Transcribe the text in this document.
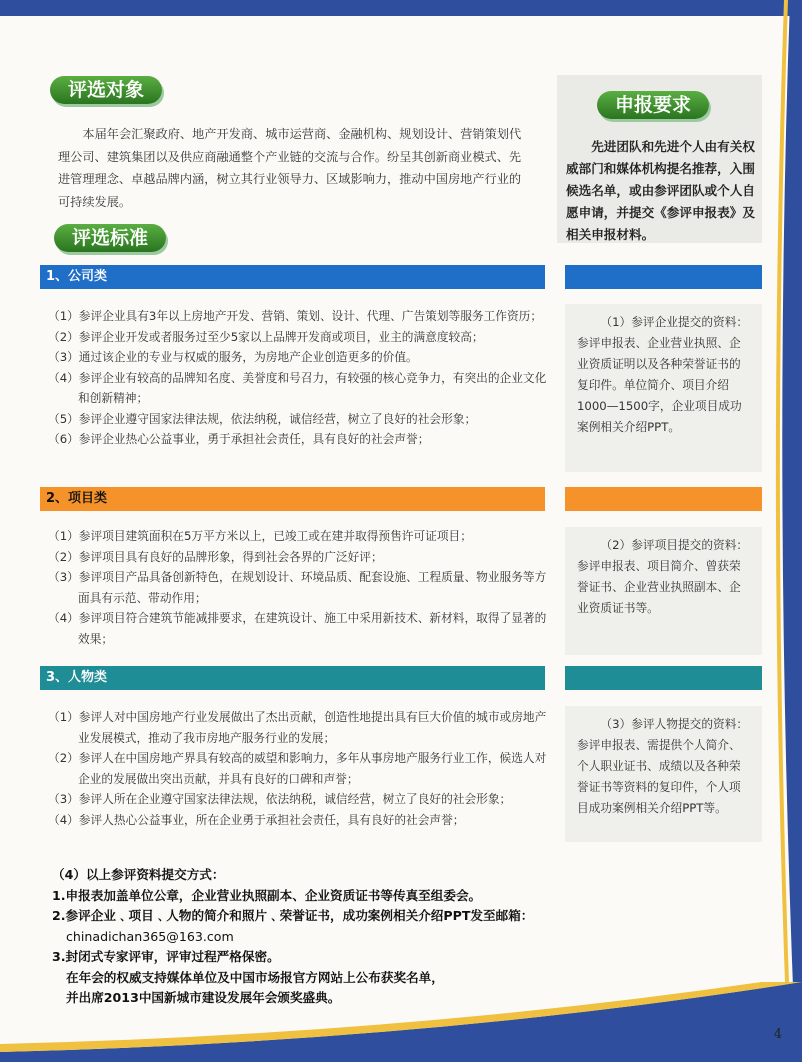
评选对象
本届年会汇聚政府、地产开发商、城市运营商、金融机构、规划设计、营销策划代理公司、建筑集团以及供应商融通整个产业链的交流与合作。纷呈其创新商业模式、先进管理理念、卓越品牌内涵，树立其行业领导力、区域影响力，推动中国房地产行业的可持续发展。
申报要求
先进团队和先进个人由有关权威部门和媒体机构提名推荐，入围候选名单，或由参评团队或个人自愿申请，并提交《参评申报表》及相关申报材料。
评选标准
1、公司类
（1）参评企业具有3年以上房地产开发、营销、策划、设计、代理、广告策划等服务工作资历；
（2）参评企业开发或者服务过至少5家以上品牌开发商或项目，业主的满意度较高；
（3）通过该企业的专业与权威的服务，为房地产企业创造更多的价值。
（4）参评企业有较高的品牌知名度、美誉度和号召力，有较强的核心竞争力，有突出的企业文化和创新精神；
（5）参评企业遵守国家法律法规，依法纳税，诚信经营，树立了良好的社会形象；
（6）参评企业热心公益事业，勇于承担社会责任，具有良好的社会声誉；
（1）参评企业提交的资料：参评申报表、企业营业执照、企业资质证明以及各种荣誉证书的复印件。单位简介、项目介绍1000—1500字，企业项目成功案例相关介绍PPT。
2、项目类
（1）参评项目建筑面积在5万平方米以上，已竣工或在建并取得预售许可证项目；
（2）参评项目具有良好的品牌形象，得到社会各界的广泛好评；
（3）参评项目产品具备创新特色，在规划设计、环境品质、配套设施、工程质量、物业服务等方面具有示范、带动作用；
（4）参评项目符合建筑节能减排要求，在建筑设计、施工中采用新技术、新材料，取得了显著的效果；
（2）参评项目提交的资料：参评申报表、项目简介、曾获荣誉证书、企业营业执照副本、企业资质证书等。
3、人物类
（1）参评人对中国房地产行业发展做出了杰出贡献，创造性地提出具有巨大价值的城市或房地产业发展模式，推动了我市房地产服务行业的发展；
（2）参评人在中国房地产界具有较高的威望和影响力，多年从事房地产服务行业工作，候选人对企业的发展做出突出贡献，并具有良好的口碑和声誉；
（3）参评人所在企业遵守国家法律法规，依法纳税，诚信经营，树立了良好的社会形象；
（4）参评人热心公益事业，所在企业勇于承担社会责任，具有良好的社会声誉；
（3）参评人物提交的资料：参评申报表、需提供个人简介、个人职业证书、成绩以及各种荣誉证书等资料的复印件，个人项目成功案例相关介绍PPT等。
（4）以上参评资料提交方式：
1.申报表加盖单位公章，企业营业执照副本、企业资质证书等传真至组委会。
2.参评企业﹑项目﹑人物的简介和照片﹑荣誉证书，成功案例相关介绍PPT发至邮箱：
chinadichan365@163.com
3.封闭式专家评审，评审过程严格保密。
在年会的权威支持媒体单位及中国市场报官方网站上公布获奖名单，
并出席2013中国新城市建设发展年会颁奖盛典。
4
